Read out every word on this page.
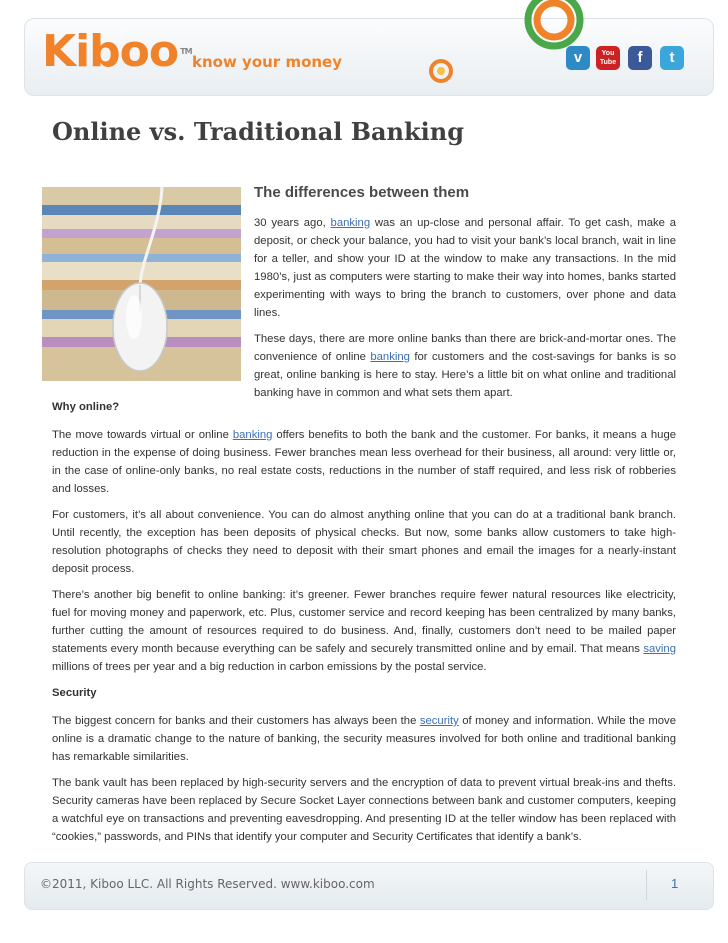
Kiboo ™
know your money	v	You Tube	f	t
Online vs. Traditional Banking
The differences between them

30 years ago, banking was an up-close and personal affair. To get cash, make a deposit, or check your balance, you had to visit your bank’s local branch, wait in line for a teller, and show your ID at the window to make any transactions. In the mid 1980’s, just as computers were starting to make their way into homes, banks started experimenting with ways to bring the branch to customers, over phone and data lines.

These days, there are more online banks than there are brick-and-mortar ones. The convenience of online banking for customers and the cost-savings for banks is so great, online banking is here to stay. Here’s a little bit on what online and traditional banking have in common and what sets them apart.

Why online?

The move towards virtual or online banking offers benefits to both the bank and the customer. For banks, it means a huge reduction in the expense of doing business. Fewer branches mean less overhead for their business, all around: very little or, in the case of online-only banks, no real estate costs, reductions in the number of staff required, and less risk of robberies and losses.

For customers, it’s all about convenience. You can do almost anything online that you can do at a traditional bank branch. Until recently, the exception has been deposits of physical checks. But now, some banks allow customers to take high-resolution photographs of checks they need to deposit with their smart phones and email the images for a nearly-instant deposit process.

There’s another big benefit to online banking: it’s greener. Fewer branches require fewer natural resources like electricity, fuel for moving money and paperwork, etc. Plus, customer service and record keeping has been centralized by many banks, further cutting the amount of resources required to do business. And, finally, customers don’t need to be mailed paper statements every month because everything can be safely and securely transmitted online and by email. That means saving millions of trees per year and a big reduction in carbon emissions by the postal service.

Security

The biggest concern for banks and their customers has always been the security of money and information. While the move online is a dramatic change to the nature of banking, the security measures involved for both online and traditional banking has remarkable similarities.

The bank vault has been replaced by high-security servers and the encryption of data to prevent virtual break-ins and thefts. Security cameras have been replaced by Secure Socket Layer connections between bank and customer computers, keeping a watchful eye on transactions and preventing eavesdropping. And presenting ID at the teller window has been replaced with “cookies,” passwords, and PINs that identify your computer and Security Certificates that identify a bank’s.

©2011, Kiboo LLC. All Rights Reserved. www.kiboo.com	1
